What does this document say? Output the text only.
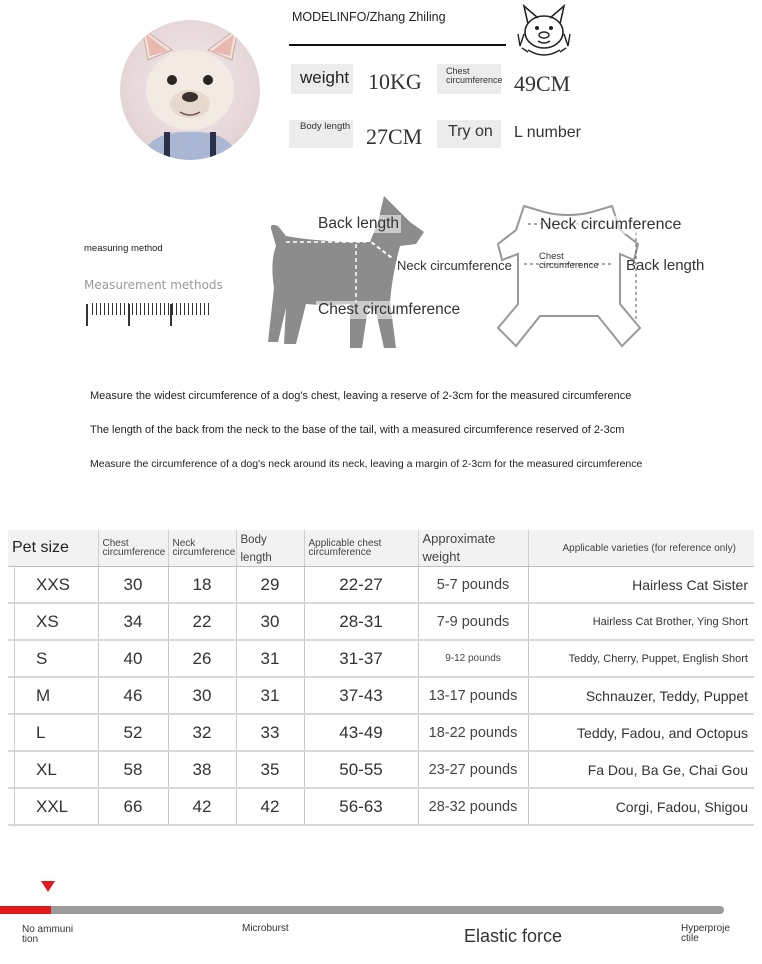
MODELINFO/Zhang Zhiling
weight 10KG	Chest circumference 49CM
Body length 27CM Try on L number
measuring method
Measurement methods
Back length
Neck circumference
Chest circumference
Neck circumference
Chest circumference	Back length
Measure the widest circumference of a dog's chest, leaving a reserve of 2-3cm for the measured circumference
The length of the back from the neck to the base of the tail, with a measured circumference reserved of 2-3cm
Measure the circumference of a dog's neck around its neck, leaving a margin of 2-3cm for the measured circumference
Pet size	Chest circumference	Neck circumference	Body length	Applicable chest circumference	Approximate weight	Applicable varieties (for reference only)

XXS	30	18	29	22-27	5-7 pounds	Hairless Cat Sister
XS	34	22	30	28-31	7-9 pounds	Hairless Cat Brother, Ying Short
S	40	26	31	31-37	9-12 pounds	Teddy, Cherry, Puppet, English Short
M	46	30	31	37-43	13-17 pounds	Schnauzer, Teddy, Puppet
L	52	32	33	43-49	18-22 pounds	Teddy, Fadou, and Octopus
XL	58	38	35	50-55	23-27 pounds	Fa Dou, Ba Ge, Chai Gou
XXL	66	42	42	56-63	28-32 pounds	Corgi, Fadou, Shigou
No ammunition
Microburst	Elastic force	Hyperprojectile
